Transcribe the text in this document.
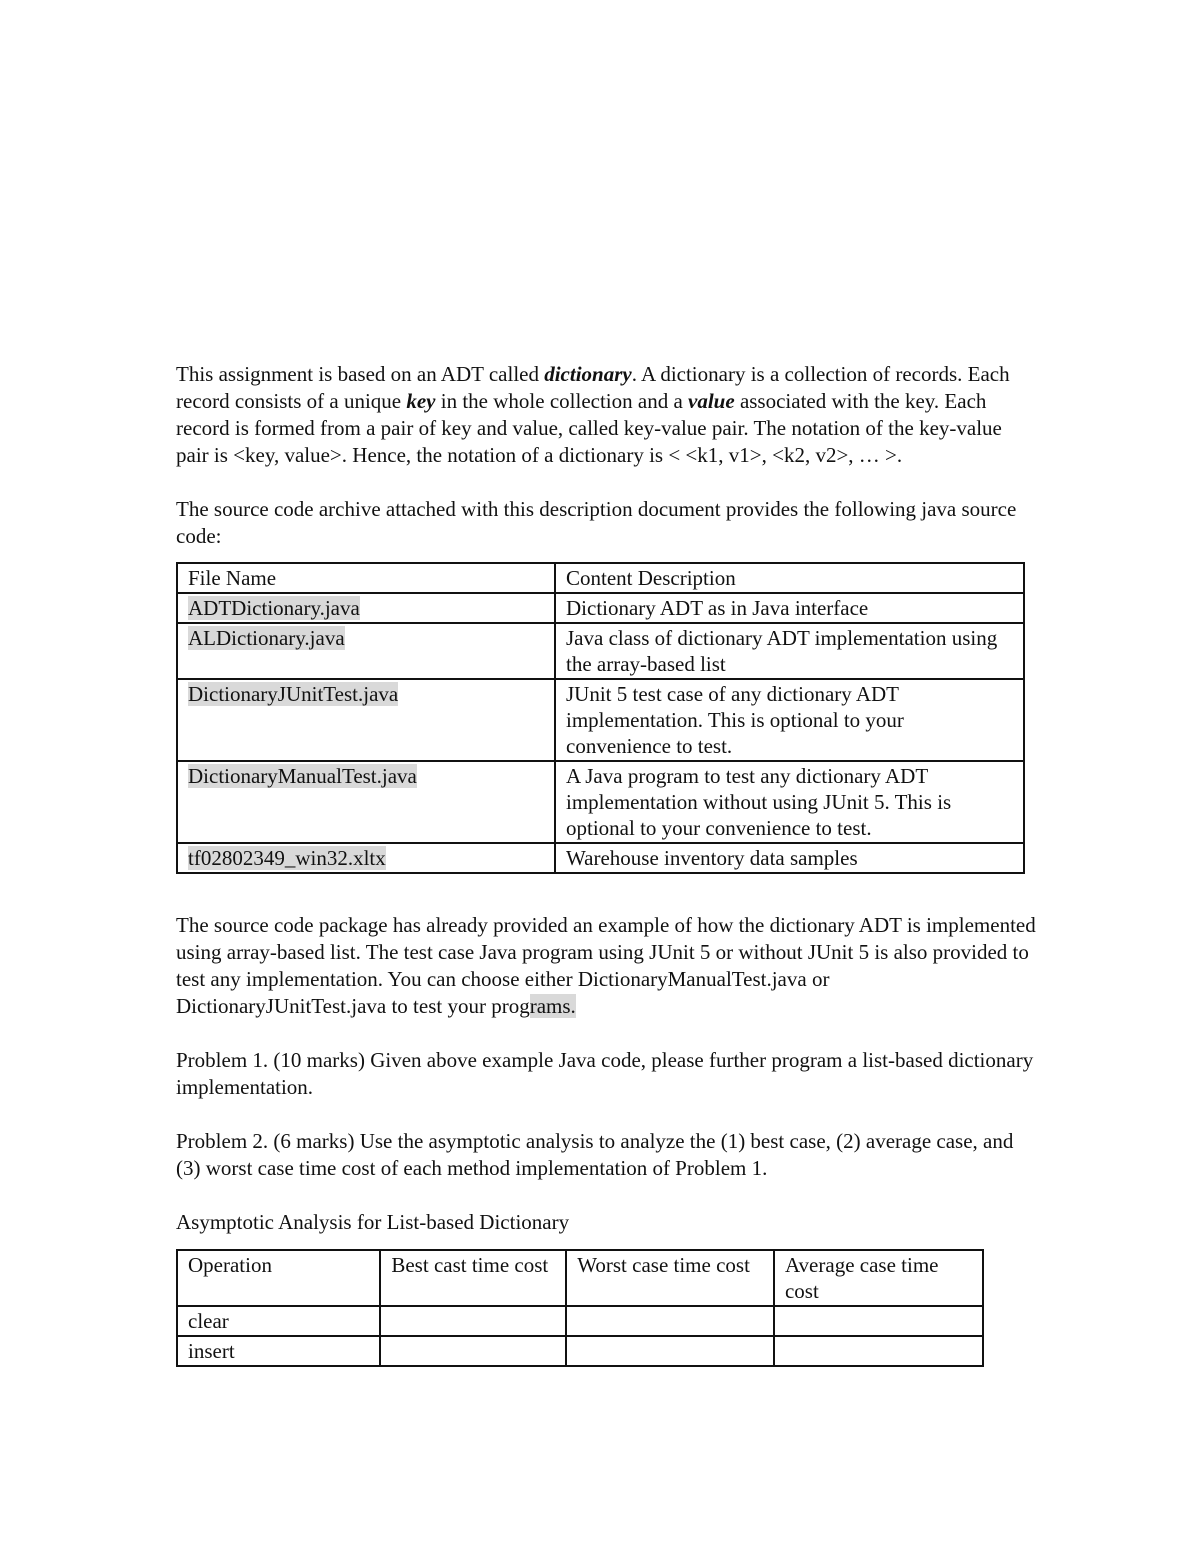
This assignment is based on an ADT called dictionary. A dictionary is a collection of records. Each record consists of a unique key in the whole collection and a value associated with the key. Each record is formed from a pair of key and value, called key-value pair. The notation of the key-value pair is <key, value>. Hence, the notation of a dictionary is < <k1, v1>, <k2, v2>, … >.

The source code archive attached with this description document provides the following java source code:

File Name	Content Description
ADTDictionary.java	Dictionary ADT as in Java interface
ALDictionary.java	Java class of dictionary ADT implementation using the array-based list
DictionaryJUnitTest.java	JUnit 5 test case of any dictionary ADT implementation. This is optional to your convenience to test.
DictionaryManualTest.java	A Java program to test any dictionary ADT implementation without using JUnit 5. This is optional to your convenience to test.
tf02802349_win32.xltx	Warehouse inventory data samples

The source code package has already provided an example of how the dictionary ADT is implemented using array-based list. The test case Java program using JUnit 5 or without JUnit 5 is also provided to test any implementation. You can choose either DictionaryManualTest.java or DictionaryJUnitTest.java to test your programs.

Problem 1. (10 marks) Given above example Java code, please further program a list-based dictionary implementation.

Problem 2. (6 marks) Use the asymptotic analysis to analyze the (1) best case, (2) average case, and (3) worst case time cost of each method implementation of Problem 1.

Asymptotic Analysis for List-based Dictionary

Operation	Best cast time cost	Worst case time cost	Average case time cost
clear			
insert			
